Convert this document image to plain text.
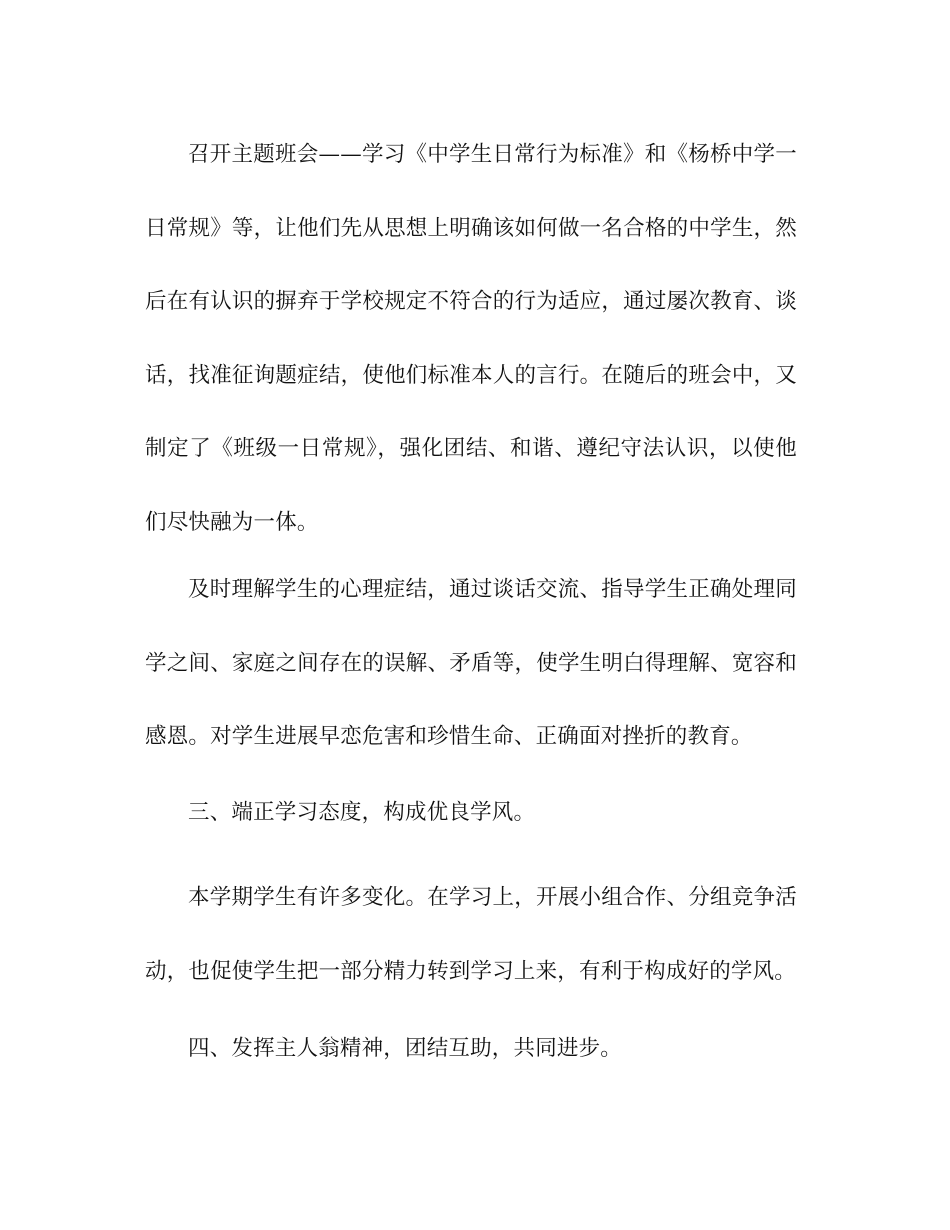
召开主题班会——学习《中学生日常行为标准》和《杨桥中学一日常规》等，让他们先从思想上明确该如何做一名合格的中学生，然后在有认识的摒弃于学校规定不符合的行为适应，通过屡次教育、谈话，找准征询题症结，使他们标准本人的言行。在随后的班会中，又制定了《班级一日常规》，强化团结、和谐、遵纪守法认识，以使他们尽快融为一体。

及时理解学生的心理症结，通过谈话交流、指导学生正确处理同学之间、家庭之间存在的误解、矛盾等，使学生明白得理解、宽容和感恩。对学生进展早恋危害和珍惜生命、正确面对挫折的教育。

三、端正学习态度，构成优良学风。

本学期学生有许多变化。在学习上，开展小组合作、分组竞争活动，也促使学生把一部分精力转到学习上来，有利于构成好的学风。

四、发挥主人翁精神，团结互助，共同进步。
